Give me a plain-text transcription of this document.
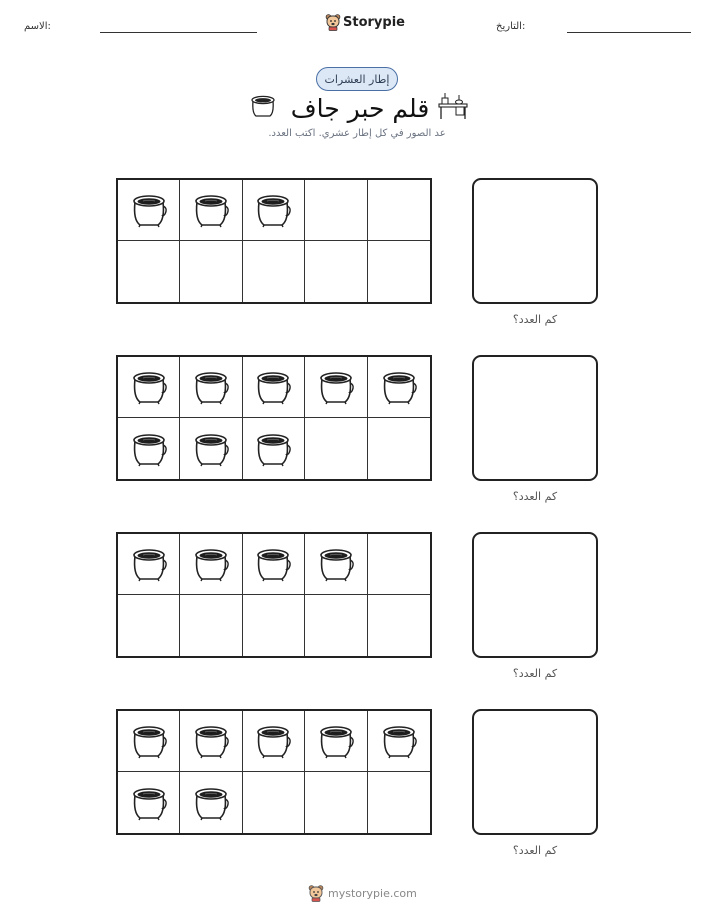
الاسم:	Storypie	التاريخ:
إطار العشرات
قلم حبر جاف
عد الصور في كل إطار عشري. اكتب العدد.
كم العدد؟
كم العدد؟
كم العدد؟
كم العدد؟
mystorypie.com
